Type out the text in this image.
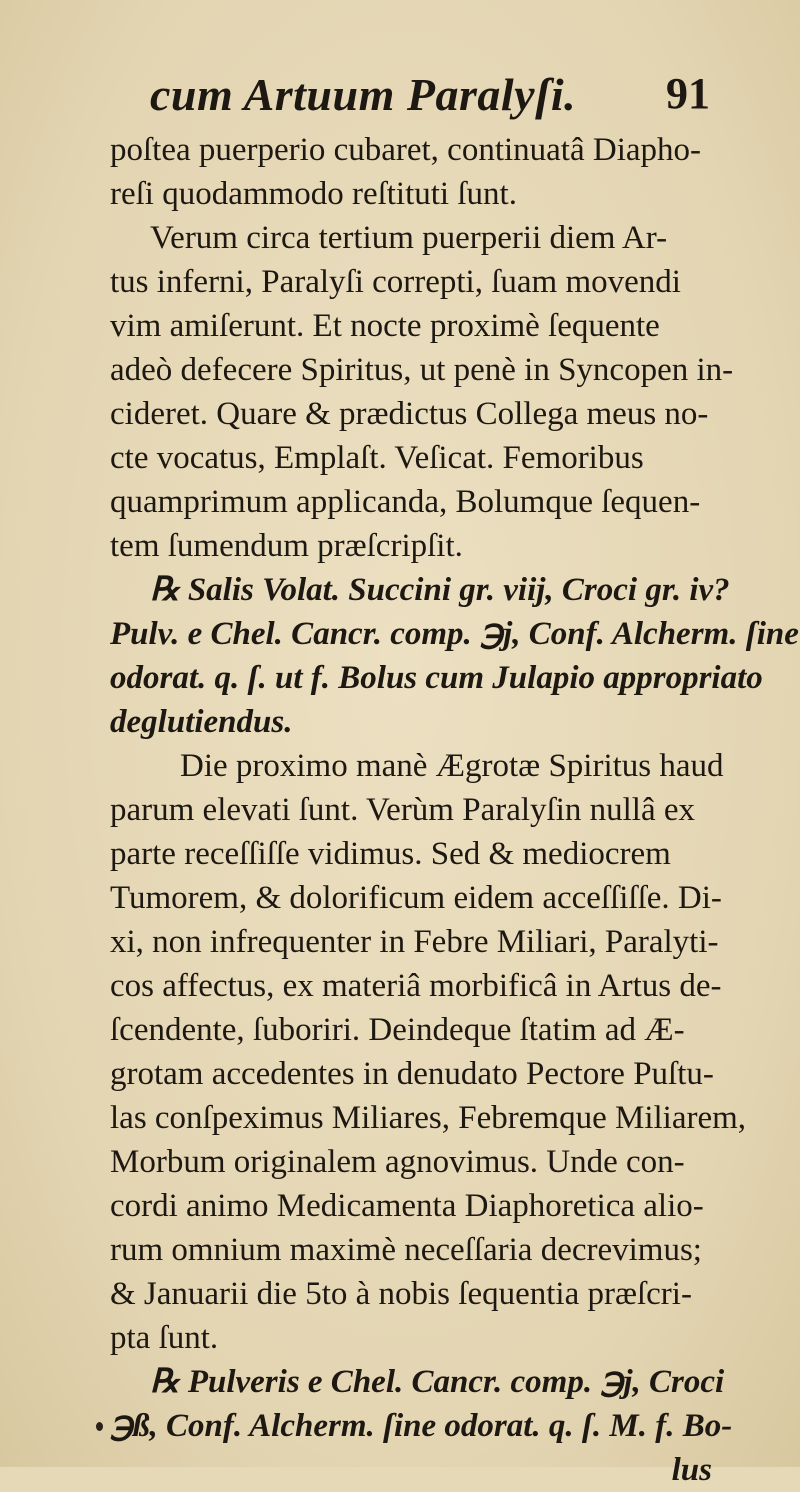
cum Artuum Paralyſi. 91
poſtea puerperio cubaret, continuatâ Diapho-
reſi quodammodo reſtituti ſunt.
Verum circa tertium puerperii diem Ar-
tus inferni, Paralyſi correpti, ſuam movendi
vim amiſerunt. Et nocte proximè ſequente
adeò defecere Spiritus, ut penè in Syncopen in-
cideret. Quare & prædictus Collega meus no-
cte vocatus, Emplaſt. Veſicat. Femoribus
quamprimum applicanda, Bolumque ſequen-
tem ſumendum præſcripſit.
℞ Salis Volat. Succini gr. viij, Croci gr. iv?
Pulv. e Chel. Cancr. comp. ℈j, Conf. Alcherm. ſine
odorat. q. ſ. ut f. Bolus cum Julapio appropriato
deglutiendus.
Die proximo manè Ægrotæ Spiritus haud
parum elevati ſunt. Verùm Paralyſin nullâ ex
parte receſſiſſe vidimus. Sed & mediocrem
Tumorem, & dolorificum eidem acceſſiſſe. Di-
xi, non infrequenter in Febre Miliari, Paralyti-
cos affectus, ex materiâ morbificâ in Artus de-
ſcendente, ſuboriri. Deindeque ſtatim ad Æ-
grotam accedentes in denudato Pectore Puſtu-
las conſpeximus Miliares, Febremque Miliarem,
Morbum originalem agnovimus. Unde con-
cordi animo Medicamenta Diaphoretica alio-
rum omnium maximè neceſſaria decrevimus;
& Januarii die 5to à nobis ſequentia præſcri-
pta ſunt.
℞ Pulveris e Chel. Cancr. comp. ℈j, Croci
℈ß, Conf. Alcherm. ſine odorat. q. ſ. M. f. Bo-
lus
